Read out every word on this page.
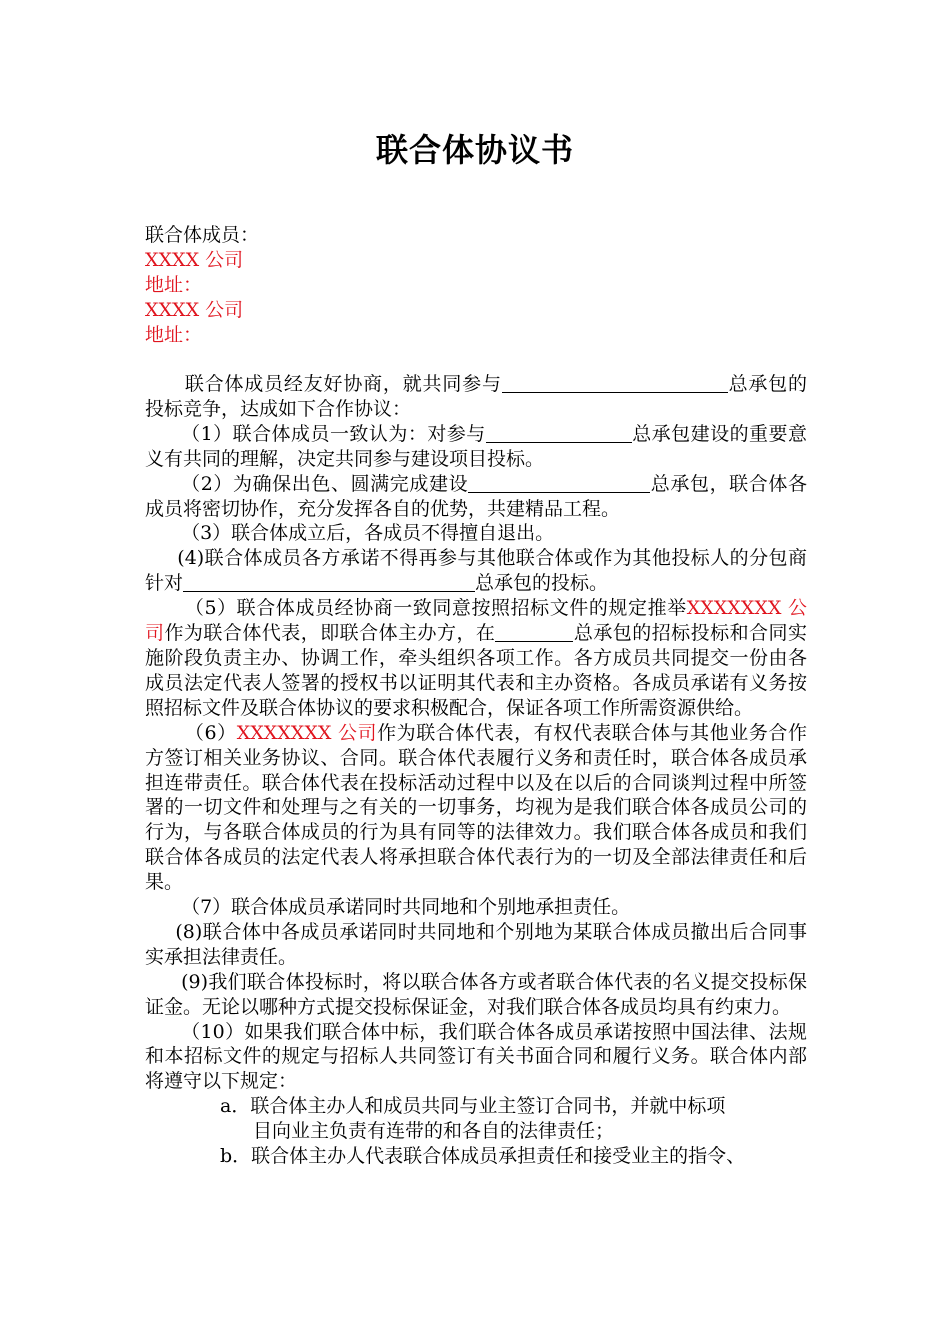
联合体协议书
联合体成员：
XXXX 公司
地址：
XXXX 公司
地址：

联合体成员经友好协商，就共同参与	总承包的投标竞争，达成如下合作协议：

（1）联合体成员一致认为：对参与	总承包建设的重要意义有共同的理解，决定共同参与建设项目投标。

（2）为确保出色、圆满完成建设	总承包，联合体各成员将密切协作，充分发挥各自的优势，共建精品工程。

（3）联合体成立后，各成员不得擅自退出。

(4)联合体成员各方承诺不得再参与其他联合体或作为其他投标人的分包商针对	总承包的投标。

（5）联合体成员经协商一致同意按照招标文件的规定推举XXXXXXX 公司作为联合体代表，即联合体主办方，在	总承包的招标投标和合同实施阶段负责主办、协调工作，牵头组织各项工作。各方成员共同提交一份由各成员法定代表人签署的授权书以证明其代表和主办资格。各成员承诺有义务按照招标文件及联合体协议的要求积极配合，保证各项工作所需资源供给。

（6）XXXXXXX 公司作为联合体代表，有权代表联合体与其他业务合作方签订相关业务协议、合同。联合体代表履行义务和责任时，联合体各成员承担连带责任。联合体代表在投标活动过程中以及在以后的合同谈判过程中所签署的一切文件和处理与之有关的一切事务，均视为是我们联合体各成员公司的行为，与各联合体成员的行为具有同等的法律效力。我们联合体各成员和我们联合体各成员的法定代表人将承担联合体代表行为的一切及全部法律责任和后果。

（7）联合体成员承诺同时共同地和个别地承担责任。

(8)联合体中各成员承诺同时共同地和个别地为某联合体成员撤出后合同事实承担法律责任。

(9)我们联合体投标时，将以联合体各方或者联合体代表的名义提交投标保证金。无论以哪种方式提交投标保证金，对我们联合体各成员均具有约束力。

（10）如果我们联合体中标，我们联合体各成员承诺按照中国法律、法规和本招标文件的规定与招标人共同签订有关书面合同和履行义务。联合体内部将遵守以下规定：

a．联合体主办人和成员共同与业主签订合同书，并就中标项

目向业主负责有连带的和各自的法律责任；

b．联合体主办人代表联合体成员承担责任和接受业主的指令、
